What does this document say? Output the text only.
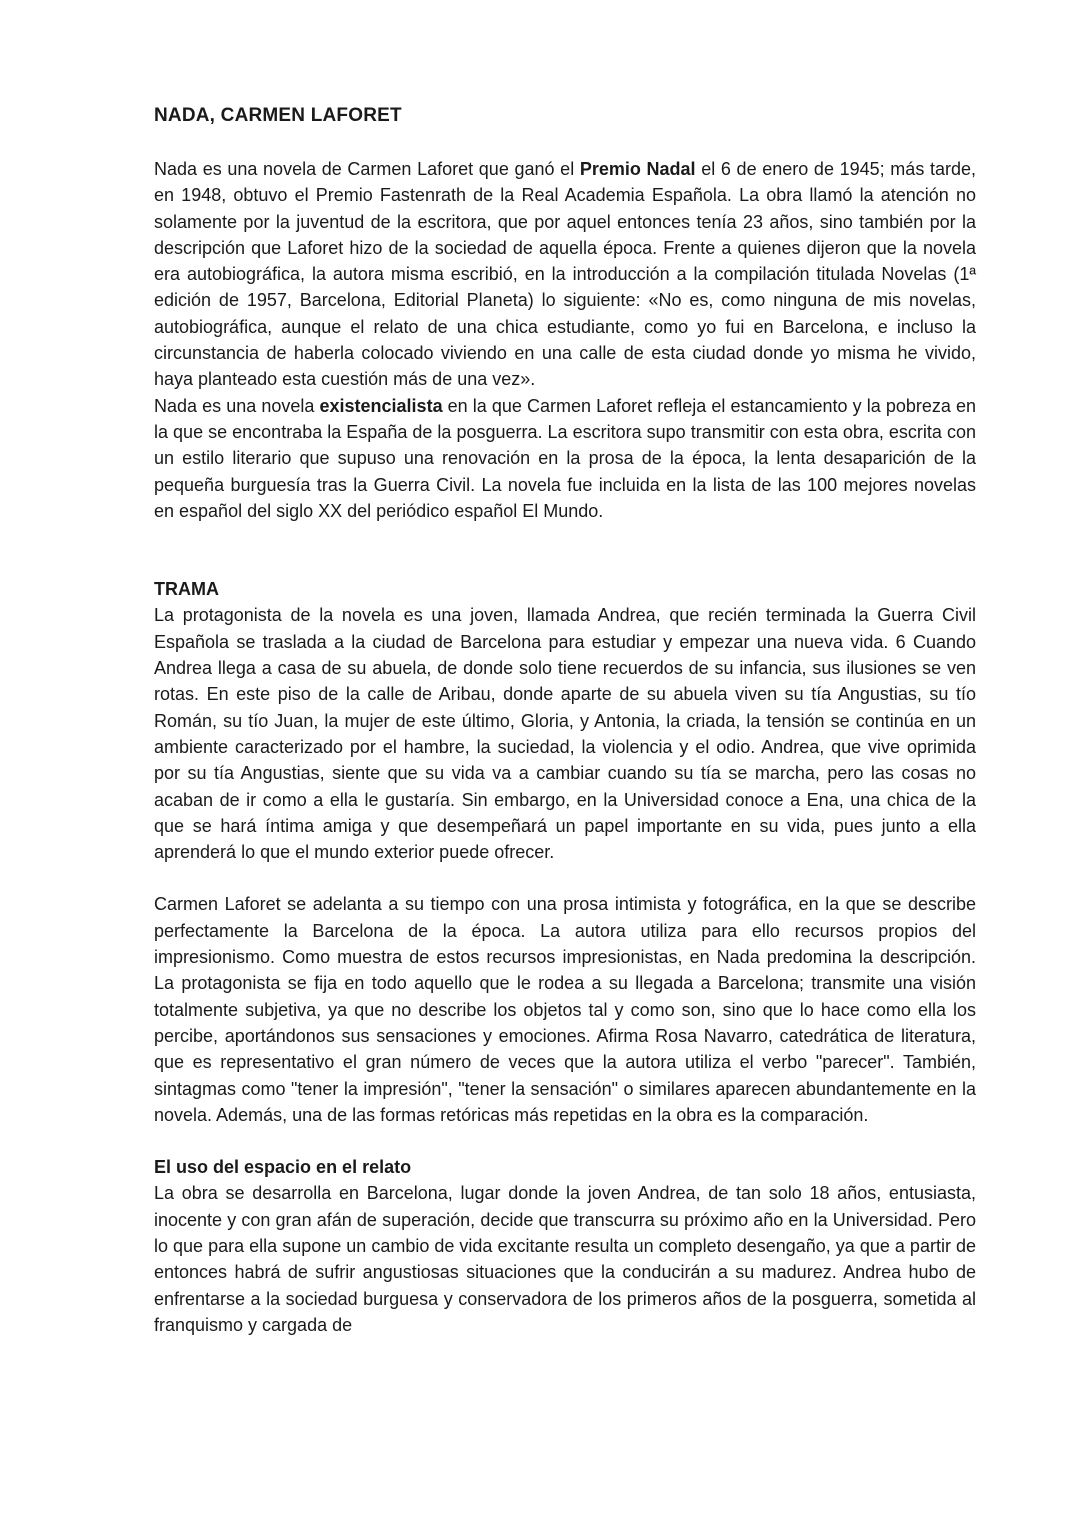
NADA, CARMEN LAFORET

Nada es una novela de Carmen Laforet que ganó el Premio Nadal el 6 de enero de 1945; más tarde, en 1948, obtuvo el Premio Fastenrath de la Real Academia Española. La obra llamó la atención no solamente por la juventud de la escritora, que por aquel entonces tenía 23 años, sino también por la descripción que Laforet hizo de la sociedad de aquella época. Frente a quienes dijeron que la novela era autobiográfica, la autora misma escribió, en la introducción a la compilación titulada Novelas (1ª edición de 1957, Barcelona, Editorial Planeta) lo siguiente: «No es, como ninguna de mis novelas, autobiográfica, aunque el relato de una chica estudiante, como yo fui en Barcelona, e incluso la circunstancia de haberla colocado viviendo en una calle de esta ciudad donde yo misma he vivido, haya planteado esta cuestión más de una vez».

Nada es una novela existencialista en la que Carmen Laforet refleja el estancamiento y la pobreza en la que se encontraba la España de la posguerra. La escritora supo transmitir con esta obra, escrita con un estilo literario que supuso una renovación en la prosa de la época, la lenta desaparición de la pequeña burguesía tras la Guerra Civil. La novela fue incluida en la lista de las 100 mejores novelas en español del siglo XX del periódico español El Mundo.

TRAMA

La protagonista de la novela es una joven, llamada Andrea, que recién terminada la Guerra Civil Española se traslada a la ciudad de Barcelona para estudiar y empezar una nueva vida. 6 Cuando Andrea llega a casa de su abuela, de donde solo tiene recuerdos de su infancia, sus ilusiones se ven rotas. En este piso de la calle de Aribau, donde aparte de su abuela viven su tía Angustias, su tío Román, su tío Juan, la mujer de este último, Gloria, y Antonia, la criada, la tensión se continúa en un ambiente caracterizado por el hambre, la suciedad, la violencia y el odio. Andrea, que vive oprimida por su tía Angustias, siente que su vida va a cambiar cuando su tía se marcha, pero las cosas no acaban de ir como a ella le gustaría. Sin embargo, en la Universidad conoce a Ena, una chica de la que se hará íntima amiga y que desempeñará un papel importante en su vida, pues junto a ella aprenderá lo que el mundo exterior puede ofrecer.

Carmen Laforet se adelanta a su tiempo con una prosa intimista y fotográfica, en la que se describe perfectamente la Barcelona de la época. La autora utiliza para ello recursos propios del impresionismo. Como muestra de estos recursos impresionistas, en Nada predomina la descripción. La protagonista se fija en todo aquello que le rodea a su llegada a Barcelona; transmite una visión totalmente subjetiva, ya que no describe los objetos tal y como son, sino que lo hace como ella los percibe, aportándonos sus sensaciones y emociones. Afirma Rosa Navarro, catedrática de literatura, que es representativo el gran número de veces que la autora utiliza el verbo "parecer". También, sintagmas como "tener la impresión", "tener la sensación" o similares aparecen abundantemente en la novela. Además, una de las formas retóricas más repetidas en la obra es la comparación.

El uso del espacio en el relato

La obra se desarrolla en Barcelona, lugar donde la joven Andrea, de tan solo 18 años, entusiasta, inocente y con gran afán de superación, decide que transcurra su próximo año en la Universidad. Pero lo que para ella supone un cambio de vida excitante resulta un completo desengaño, ya que a partir de entonces habrá de sufrir angustiosas situaciones que la conducirán a su madurez. Andrea hubo de enfrentarse a la sociedad burguesa y conservadora de los primeros años de la posguerra, sometida al franquismo y cargada de
